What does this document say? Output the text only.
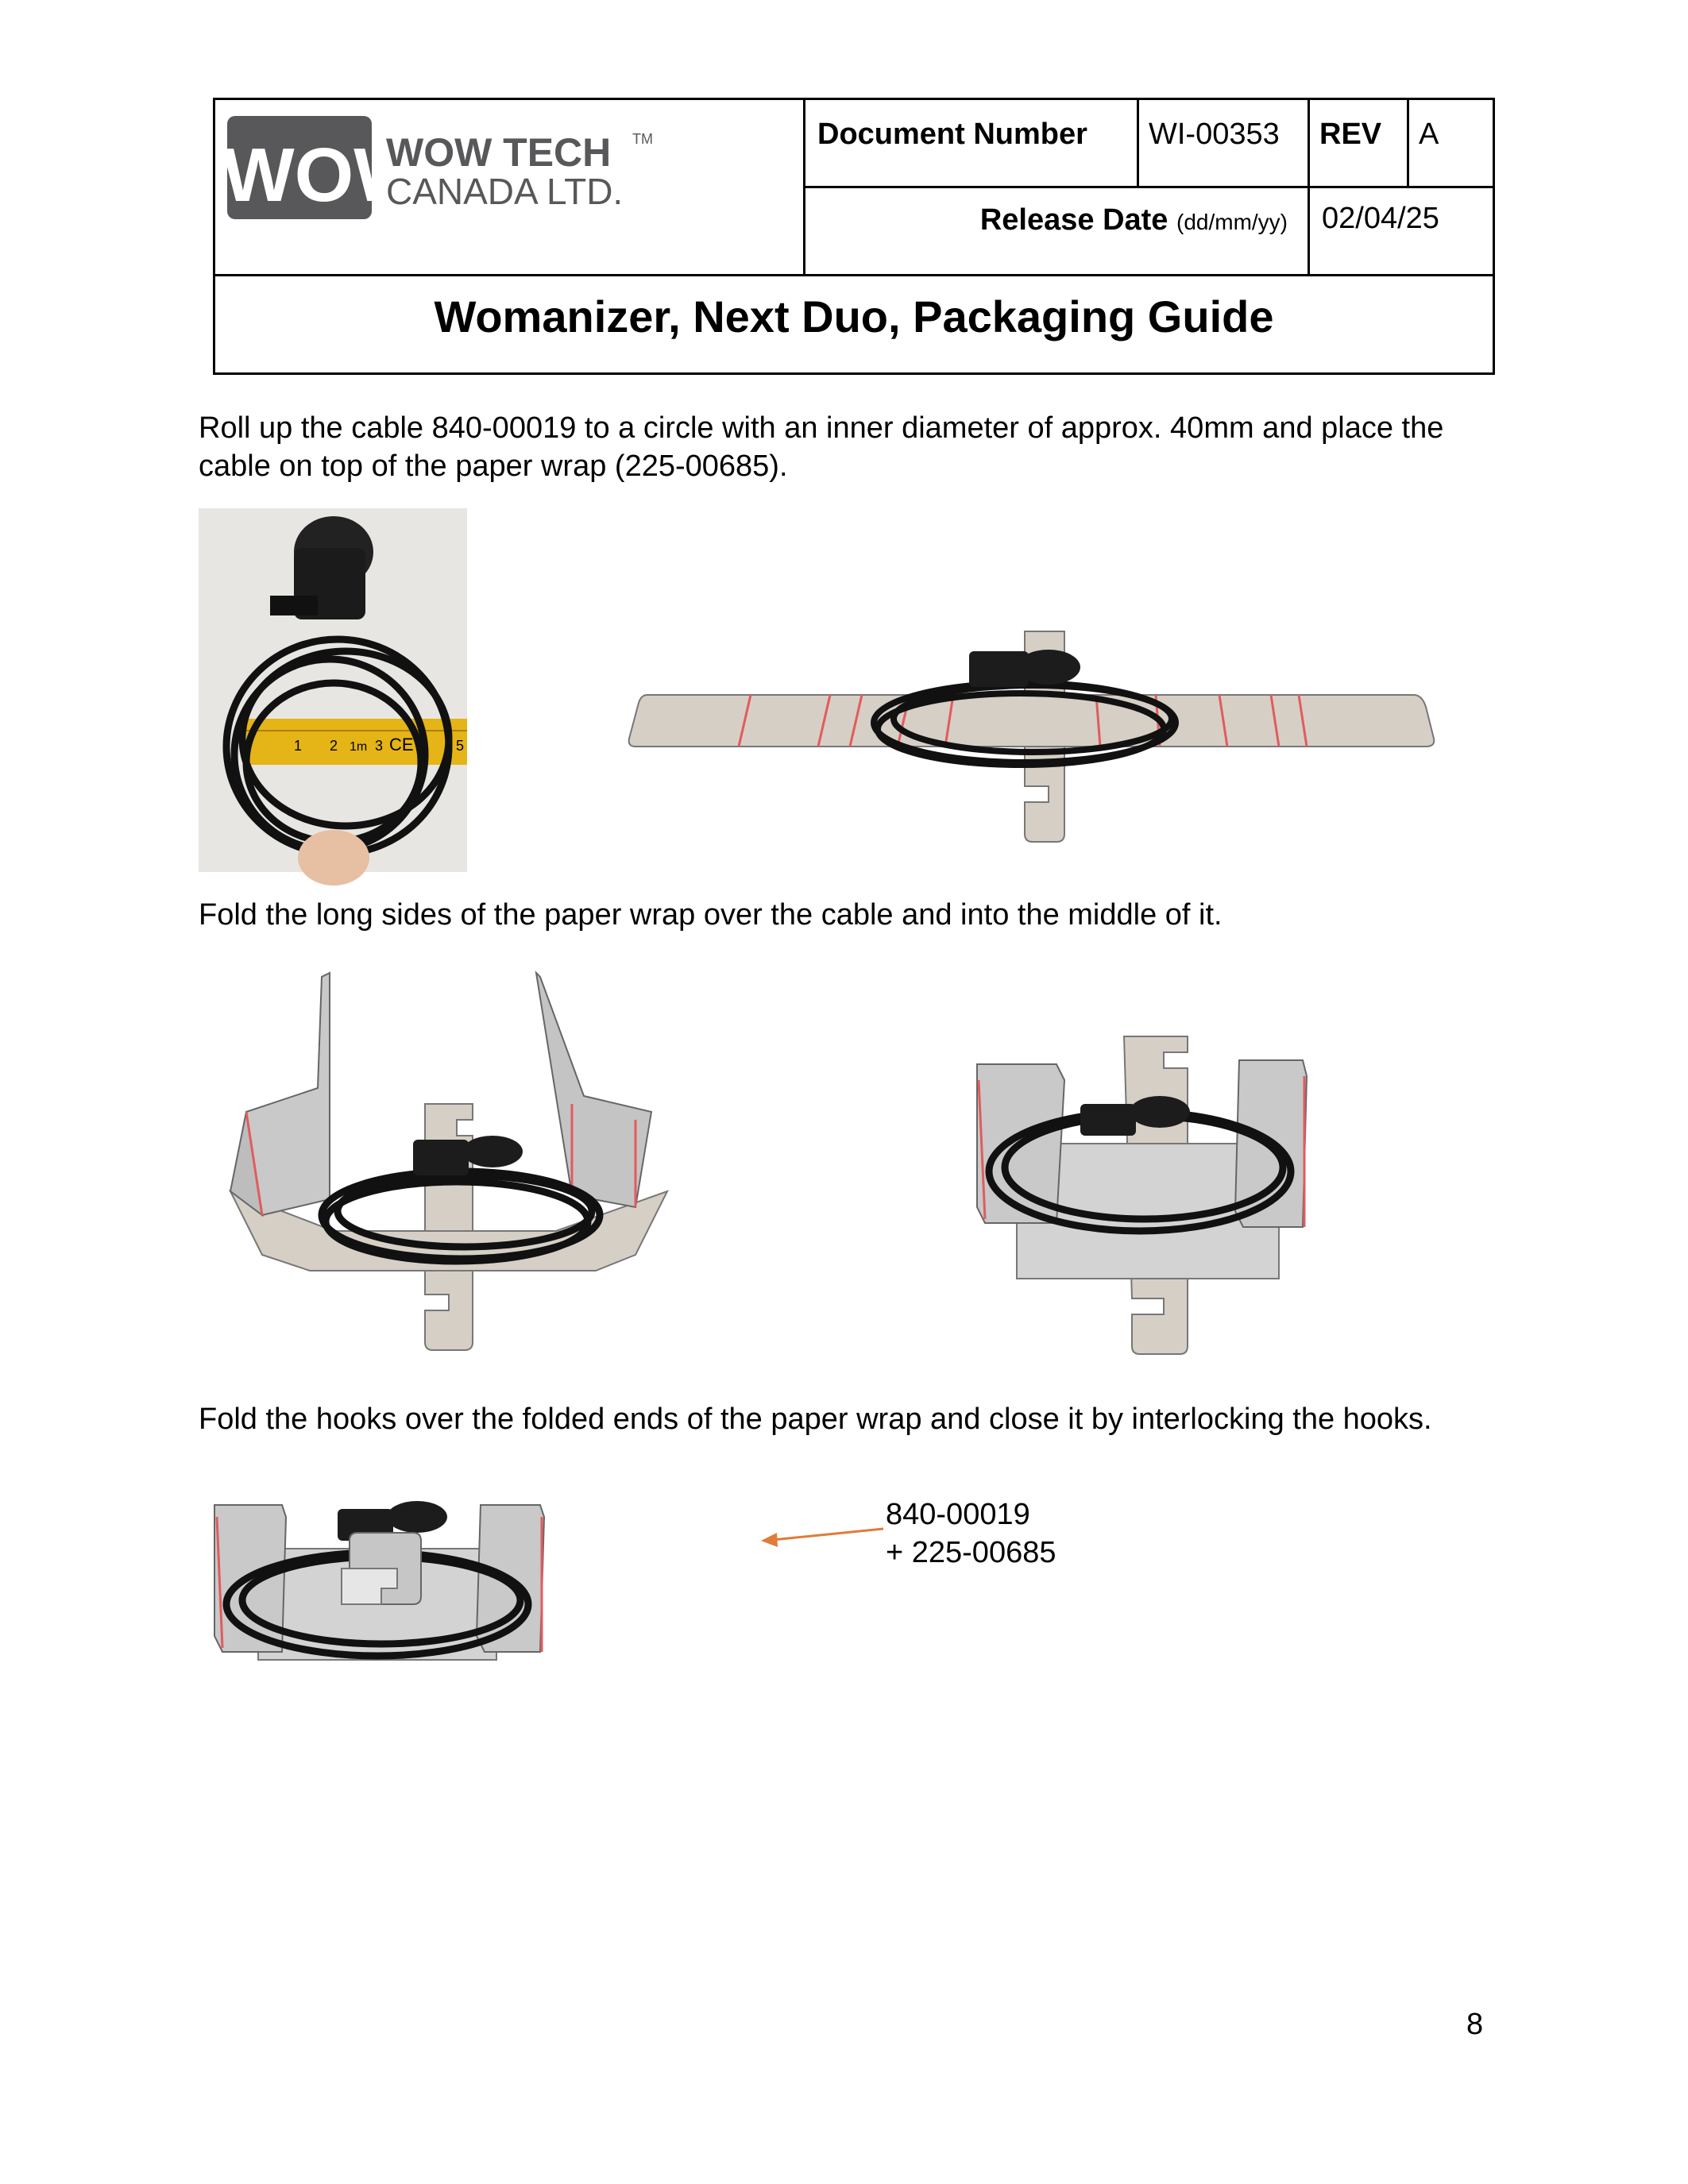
WOW
WOW TECH TM
CANADA LTD.
Document Number WI-00353 REV A
Release Date (dd/mm/yy) 02/04/25
Womanizer, Next Duo, Packaging Guide
Roll up the cable 840-00019 to a circle with an inner diameter of approx. 40mm and place the cable on top of the paper wrap (225-00685).
1 2 1m 3 CE	5
Fold the long sides of the paper wrap over the cable and into the middle of it.
Fold the hooks over the folded ends of the paper wrap and close it by interlocking the hooks.
840-00019
+ 225-00685
8
